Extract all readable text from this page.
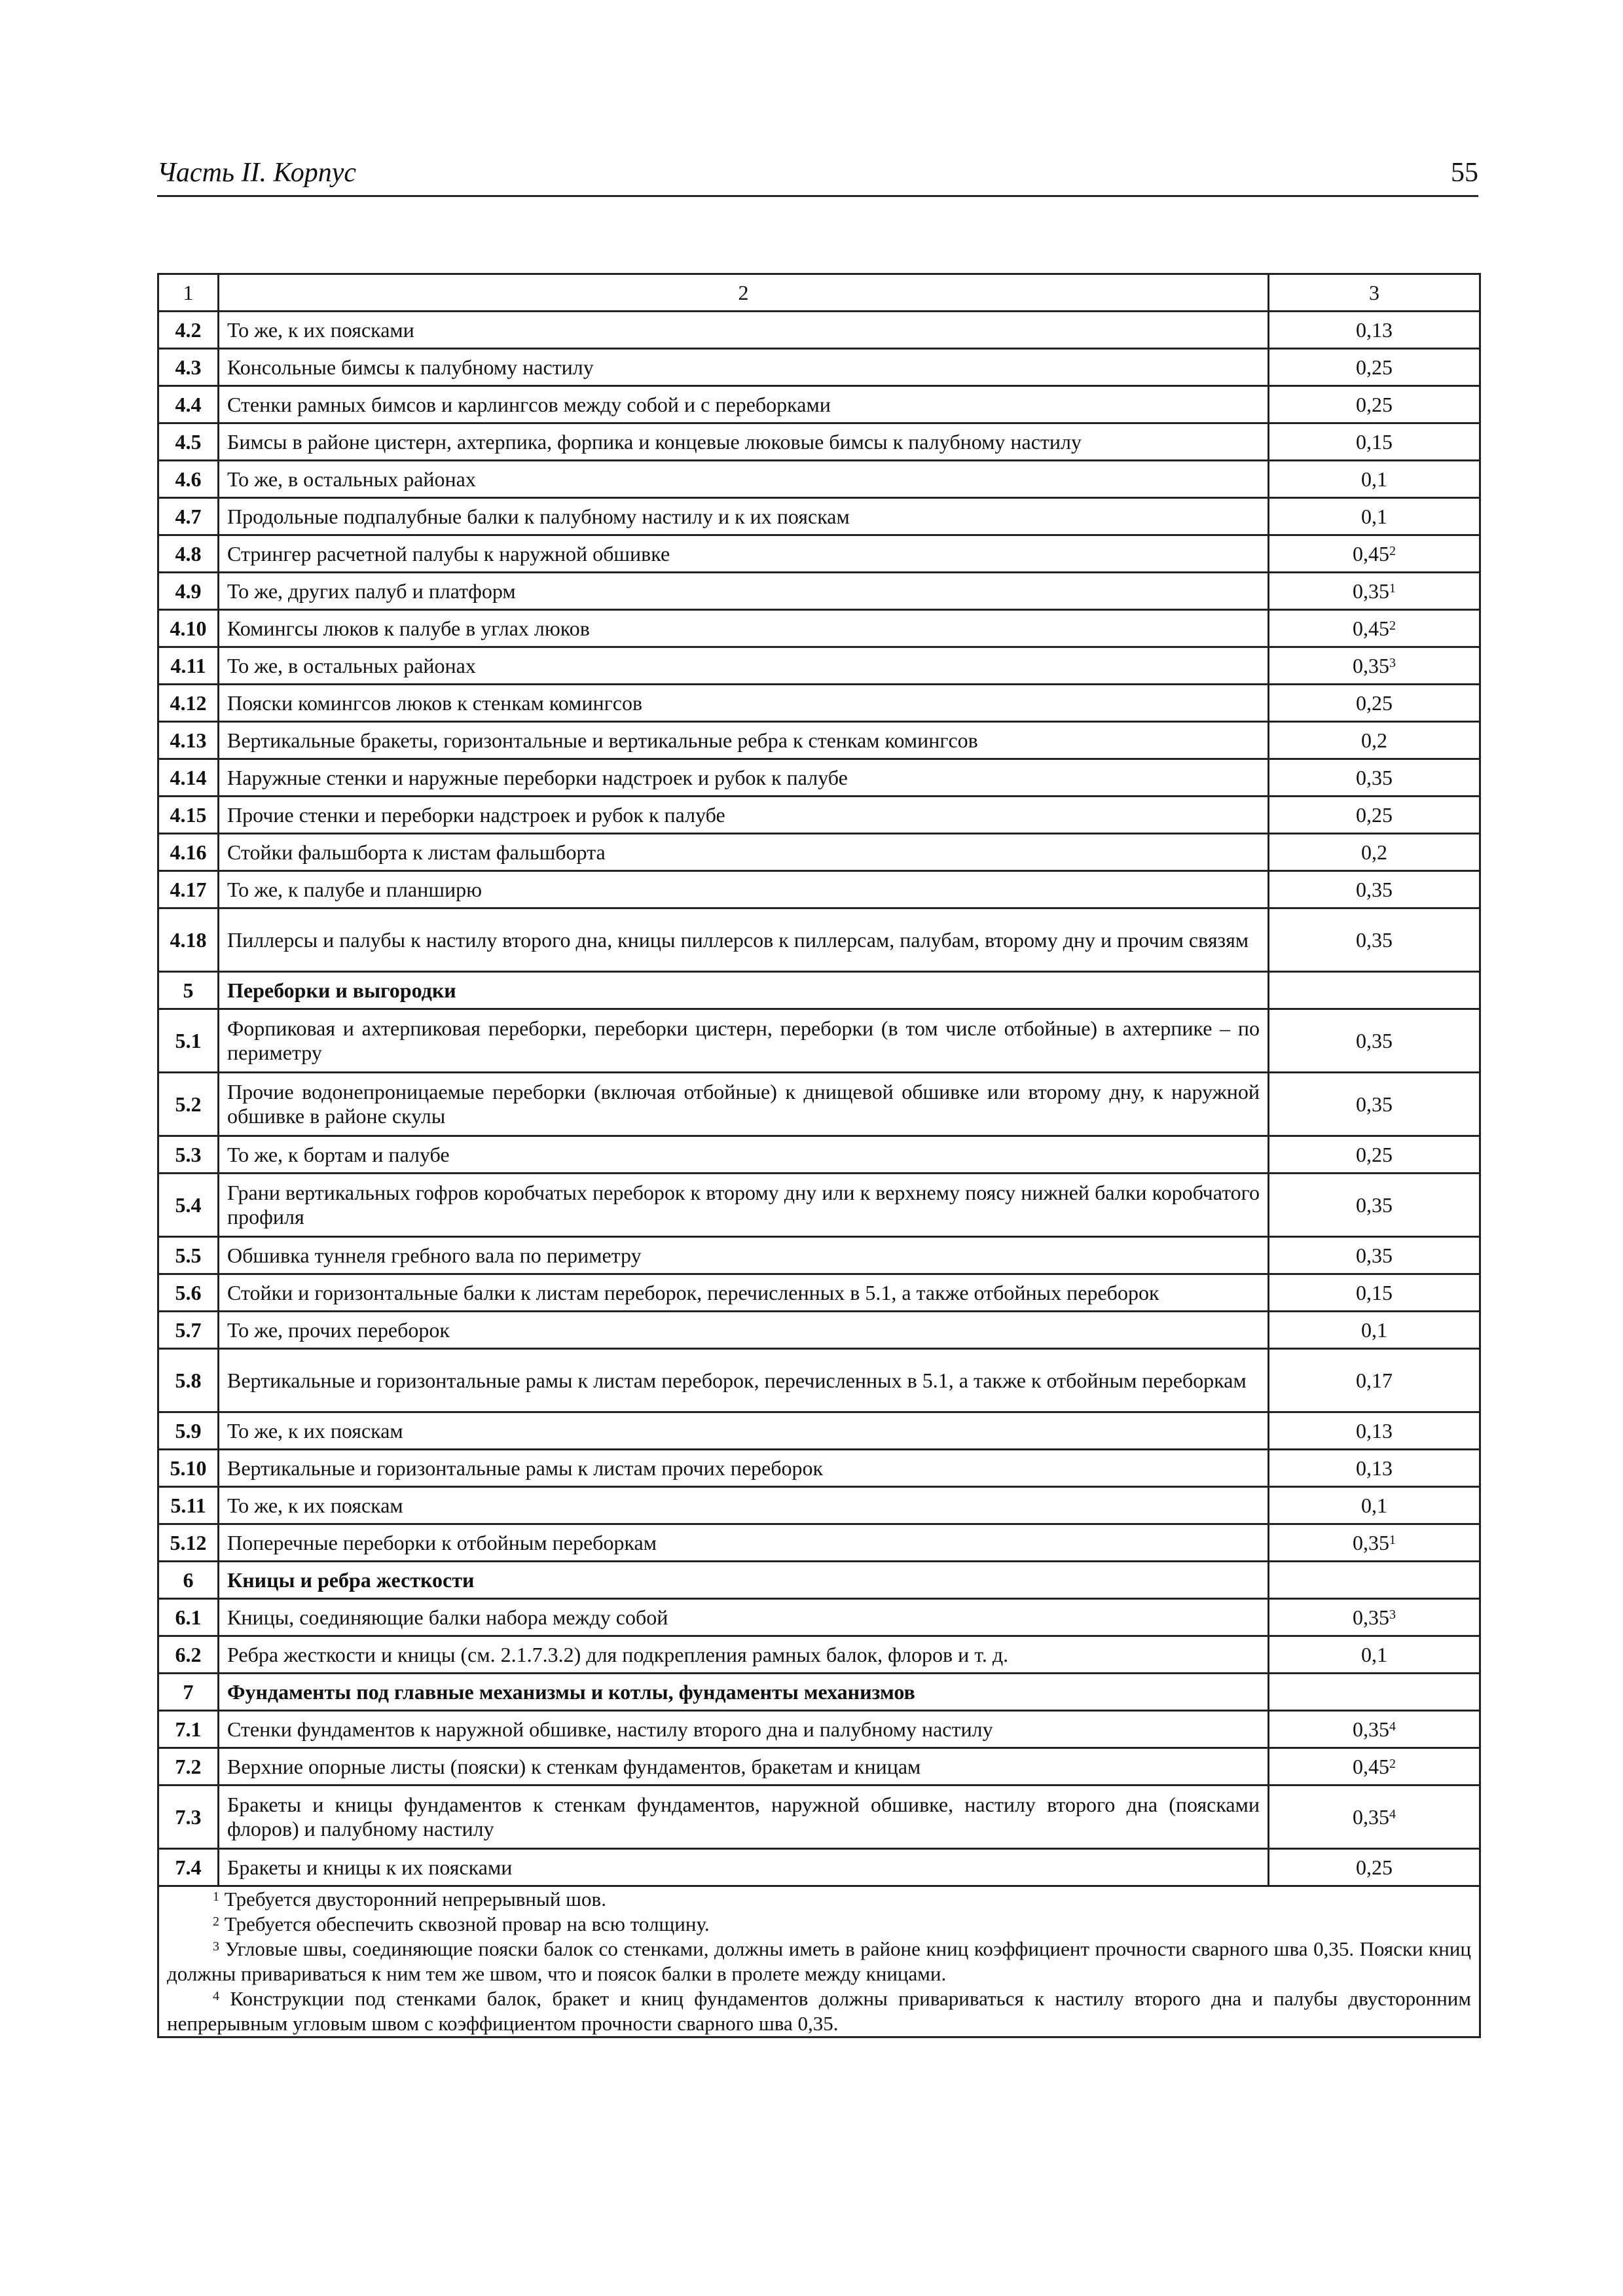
Часть II. Корпус	55
1	2	3
4.2	То же, к их поясками	0,13
4.3	Консольные бимсы к палубному настилу	0,25
4.4	Стенки рамных бимсов и карлингсов между собой и с переборками	0,25
4.5	Бимсы в районе цистерн, ахтерпика, форпика и концевые люковые бимсы к палубному настилу	0,15
4.6	То же, в остальных районах	0,1
4.7	Продольные подпалубные балки к палубному настилу и к их пояскам	0,1
4.8	Стрингер расчетной палубы к наружной обшивке	0,45$^2$
4.9	То же, других палуб и платформ	0,35$^1$
4.10	Комингсы люков к палубе в углах люков	0,45$^2$
4.11	То же, в остальных районах	0,35$^3$
4.12	Пояски комингсов люков к стенкам комингсов	0,25
4.13	Вертикальные бракеты, горизонтальные и вертикальные ребра к стенкам комингсов	0,2
4.14	Наружные стенки и наружные переборки надстроек и рубок к палубе	0,35
4.15	Прочие стенки и переборки надстроек и рубок к палубе	0,25
4.16	Стойки фальшборта к листам фальшборта	0,2
4.17	То же, к палубе и планширю	0,35
4.18	Пиллерсы и палубы к настилу второго дна, кницы пиллерсов к пиллерсам, палубам, второму дну и прочим связям	0,35
5	Переборки и выгородки	
5.1	Форпиковая и ахтерпиковая переборки, переборки цистерн, переборки (в том числе отбойные) в ахтерпике – по периметру	0,35
5.2	Прочие водонепроницаемые переборки (включая отбойные) к днищевой обшивке или второму дну, к наружной обшивке в районе скулы	0,35
5.3	То же, к бортам и палубе	0,25
5.4	Грани вертикальных гофров коробчатых переборок к второму дну или к верхнему поясу нижней балки коробчатого профиля	0,35
5.5	Обшивка туннеля гребного вала по периметру	0,35
5.6	Стойки и горизонтальные балки к листам переборок, перечисленных в 5.1, а также отбойных переборок	0,15
5.7	То же, прочих переборок	0,1
5.8	Вертикальные и горизонтальные рамы к листам переборок, перечисленных в 5.1, а также к отбойным переборкам	0,17
5.9	То же, к их пояскам	0,13
5.10	Вертикальные и горизонтальные рамы к листам прочих переборок	0,13
5.11	То же, к их пояскам	0,1
5.12	Поперечные переборки к отбойным переборкам	0,35$^1$
6	Кницы и ребра жесткости	
6.1	Кницы, соединяющие балки набора между собой	0,35$^3$
6.2	Ребра жесткости и кницы (см. 2.1.7.3.2) для подкрепления рамных балок, флоров и т. д.	0,1
7	Фундаменты под главные механизмы и котлы, фундаменты механизмов	
7.1	Стенки фундаментов к наружной обшивке, настилу второго дна и палубному настилу	0,35$^4$
7.2	Верхние опорные листы (пояски) к стенкам фундаментов, бракетам и кницам	0,45$^2$
7.3	Бракеты и кницы фундаментов к стенкам фундаментов, наружной обшивке, настилу второго дна (поясками флоров) и палубному настилу	0,35$^4$
7.4	Бракеты и кницы к их поясками	0,25

$^1$ Требуется двусторонний непрерывный шов.
$^2$ Требуется обеспечить сквозной провар на всю толщину.
$^3$ Угловые швы, соединяющие пояски балок со стенками, должны иметь в районе книц коэффициент прочности сварного шва 0,35. Пояски книц должны привариваться к ним тем же швом, что и поясок балки в пролете между кницами.
$^4$ Конструкции под стенками балок, бракет и книц фундаментов должны привариваться к настилу второго дна и палубы двусторонним непрерывным угловым швом с коэффициентом прочности сварного шва 0,35.		
